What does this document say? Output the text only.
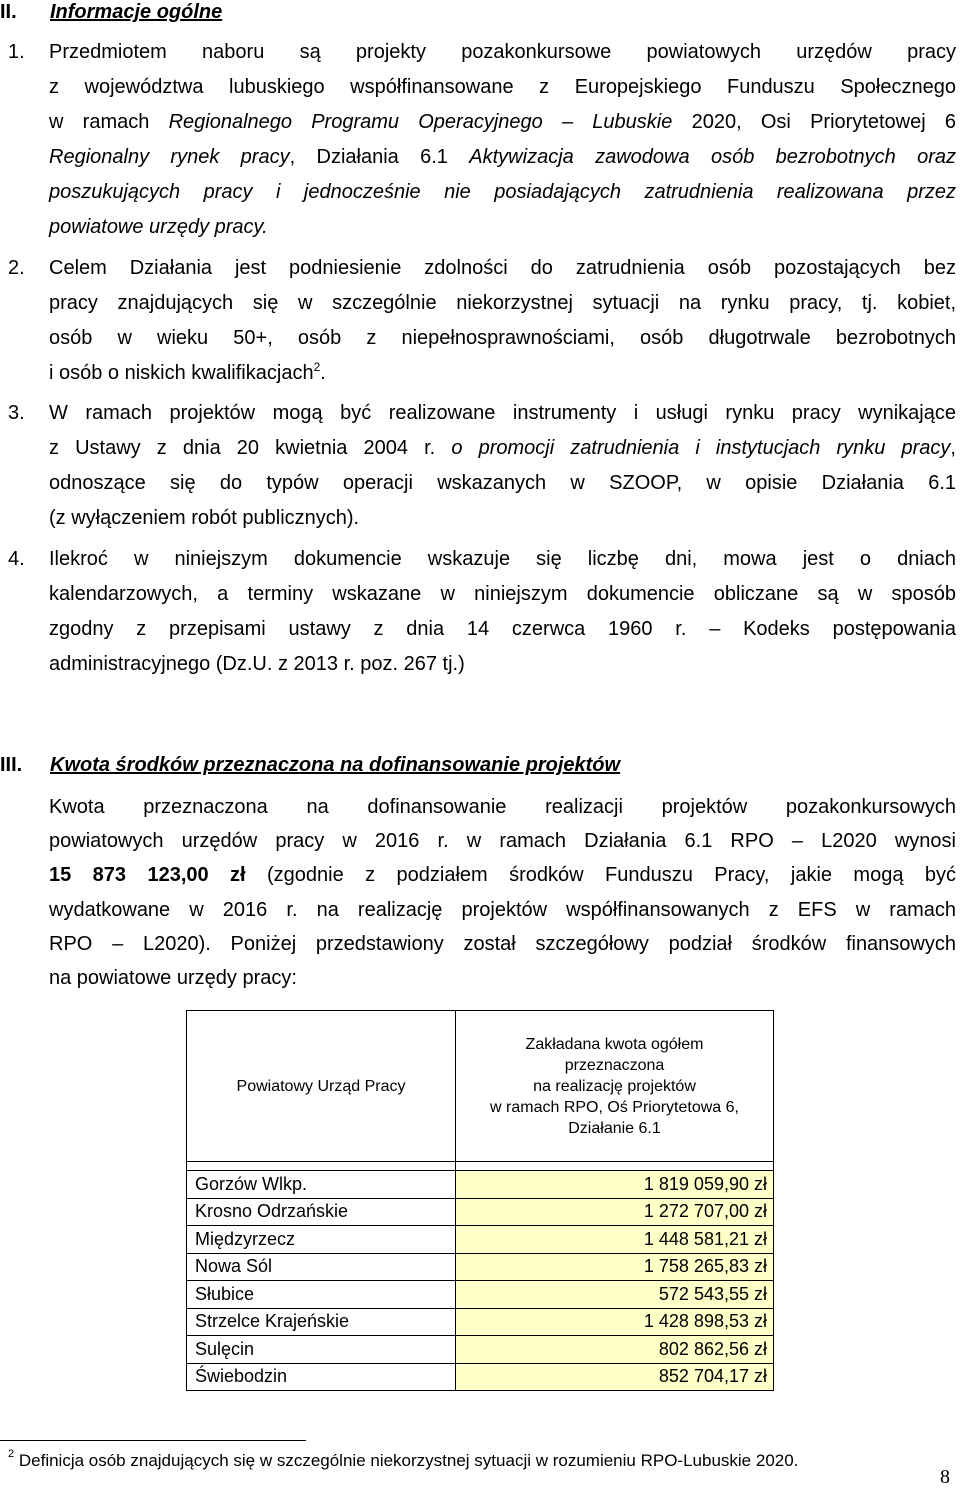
II. Informacje ogólne
1. Przedmiotem naboru są projekty pozakonkursowe powiatowych urzędów pracy
z województwa lubuskiego współfinansowane z Europejskiego Funduszu Społecznego
w ramach Regionalnego Programu Operacyjnego – Lubuskie 2020, Osi Priorytetowej 6
Regionalny rynek pracy, Działania 6.1 Aktywizacja zawodowa osób bezrobotnych oraz
poszukujących pracy i jednocześnie nie posiadających zatrudnienia realizowana przez
powiatowe urzędy pracy.
2. Celem Działania jest podniesienie zdolności do zatrudnienia osób pozostających bez
pracy znajdujących się w szczególnie niekorzystnej sytuacji na rynku pracy, tj. kobiet,
osób w wieku 50+, osób z niepełnosprawnościami, osób długotrwale bezrobotnych
i osób o niskich kwalifikacjach$^2$.
3. W ramach projektów mogą być realizowane instrumenty i usługi rynku pracy wynikające
z Ustawy z dnia 20 kwietnia 2004 r. o promocji zatrudnienia i instytucjach rynku pracy,
odnoszące się do typów operacji wskazanych w SZOOP, w opisie Działania 6.1
(z wyłączeniem robót publicznych).
4. Ilekroć w niniejszym dokumencie wskazuje się liczbę dni, mowa jest o dniach
kalendarzowych, a terminy wskazane w niniejszym dokumencie obliczane są w sposób
zgodny z przepisami ustawy z dnia 14 czerwca 1960 r. – Kodeks postępowania
administracyjnego (Dz.U. z 2013 r. poz. 267 tj.)
III. Kwota środków przeznaczona na dofinansowanie projektów
Kwota przeznaczona na dofinansowanie realizacji projektów pozakonkursowych
powiatowych urzędów pracy w 2016 r. w ramach Działania 6.1 RPO – L2020 wynosi
15 873 123,00 zł (zgodnie z podziałem środków Funduszu Pracy, jakie mogą być
wydatkowane w 2016 r. na realizację projektów współfinansowanych z EFS w ramach
RPO – L2020). Poniżej przedstawiony został szczegółowy podział środków finansowych
na powiatowe urzędy pracy:
Powiatowy Urząd Pracy	Zakładana kwota ogółem
przeznaczona
na realizację projektów
w ramach RPO, Oś Priorytetowa 6,
Działanie 6.1

Gorzów Wlkp.	1 819 059,90 zł
Krosno Odrzańskie	1 272 707,00 zł
Międzyrzecz	1 448 581,21 zł
Nowa Sól	1 758 265,83 zł
Słubice	572 543,55 zł
Strzelce Krajeńskie	1 428 898,53 zł
Sulęcin	802 862,56 zł
Świebodzin	852 704,17 zł
$^2$ Definicja osób znajdujących się w szczególnie niekorzystnej sytuacji w rozumieniu RPO-Lubuskie 2020.
8
